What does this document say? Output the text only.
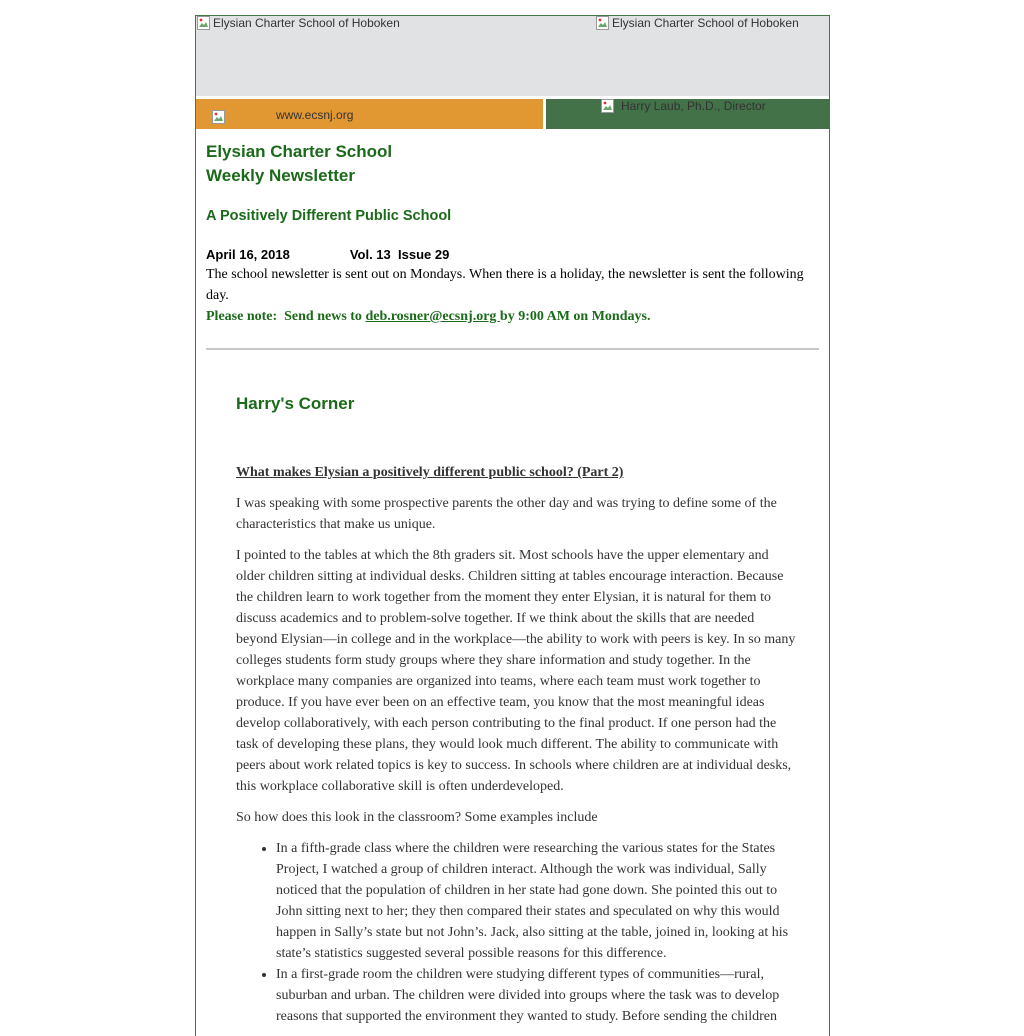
Elysian Charter School of Hoboken	Elysian Charter School of Hoboken
www.ecsnj.org
Harry Laub, Ph.D., Director

Elysian Charter School

Weekly Newsletter

A Positively Different Public School

April 16, 2018	Vol. 13  Issue 29

The school newsletter is sent out on Mondays. When there is a holiday, the newsletter is sent the following day.

Please note:  Send news to deb.rosner@ecsnj.org by 9:00 AM on Mondays.

Harry's Corner

What makes Elysian a positively different public school? (Part 2)

I was speaking with some prospective parents the other day and was trying to define some of the characteristics that make us unique.

I pointed to the tables at which the 8th graders sit. Most schools have the upper elementary and older children sitting at individual desks. Children sitting at tables encourage interaction. Because the children learn to work together from the moment they enter Elysian, it is natural for them to discuss academics and to problem-solve together. If we think about the skills that are needed beyond Elysian—in college and in the workplace—the ability to work with peers is key. In so many colleges students form study groups where they share information and study together. In the workplace many companies are organized into teams, where each team must work together to produce. If you have ever been on an effective team, you know that the most meaningful ideas develop collaboratively, with each person contributing to the final product. If one person had the task of developing these plans, they would look much different. The ability to communicate with peers about work related topics is key to success. In schools where children are at individual desks, this workplace collaborative skill is often underdeveloped.

So how does this look in the classroom? Some examples include

• In a fifth-grade class where the children were researching the various states for the States Project, I watched a group of children interact. Although the work was individual, Sally noticed that the population of children in her state had gone down. She pointed this out to John sitting next to her; they then compared their states and speculated on why this would happen in Sally’s state but not John’s. Jack, also sitting at the table, joined in, looking at his state’s statistics suggested several possible reasons for this difference.
• In a first-grade room the children were studying different types of communities—rural, suburban and urban. The children were divided into groups where the task was to develop reasons that supported the environment they wanted to study. Before sending the children
